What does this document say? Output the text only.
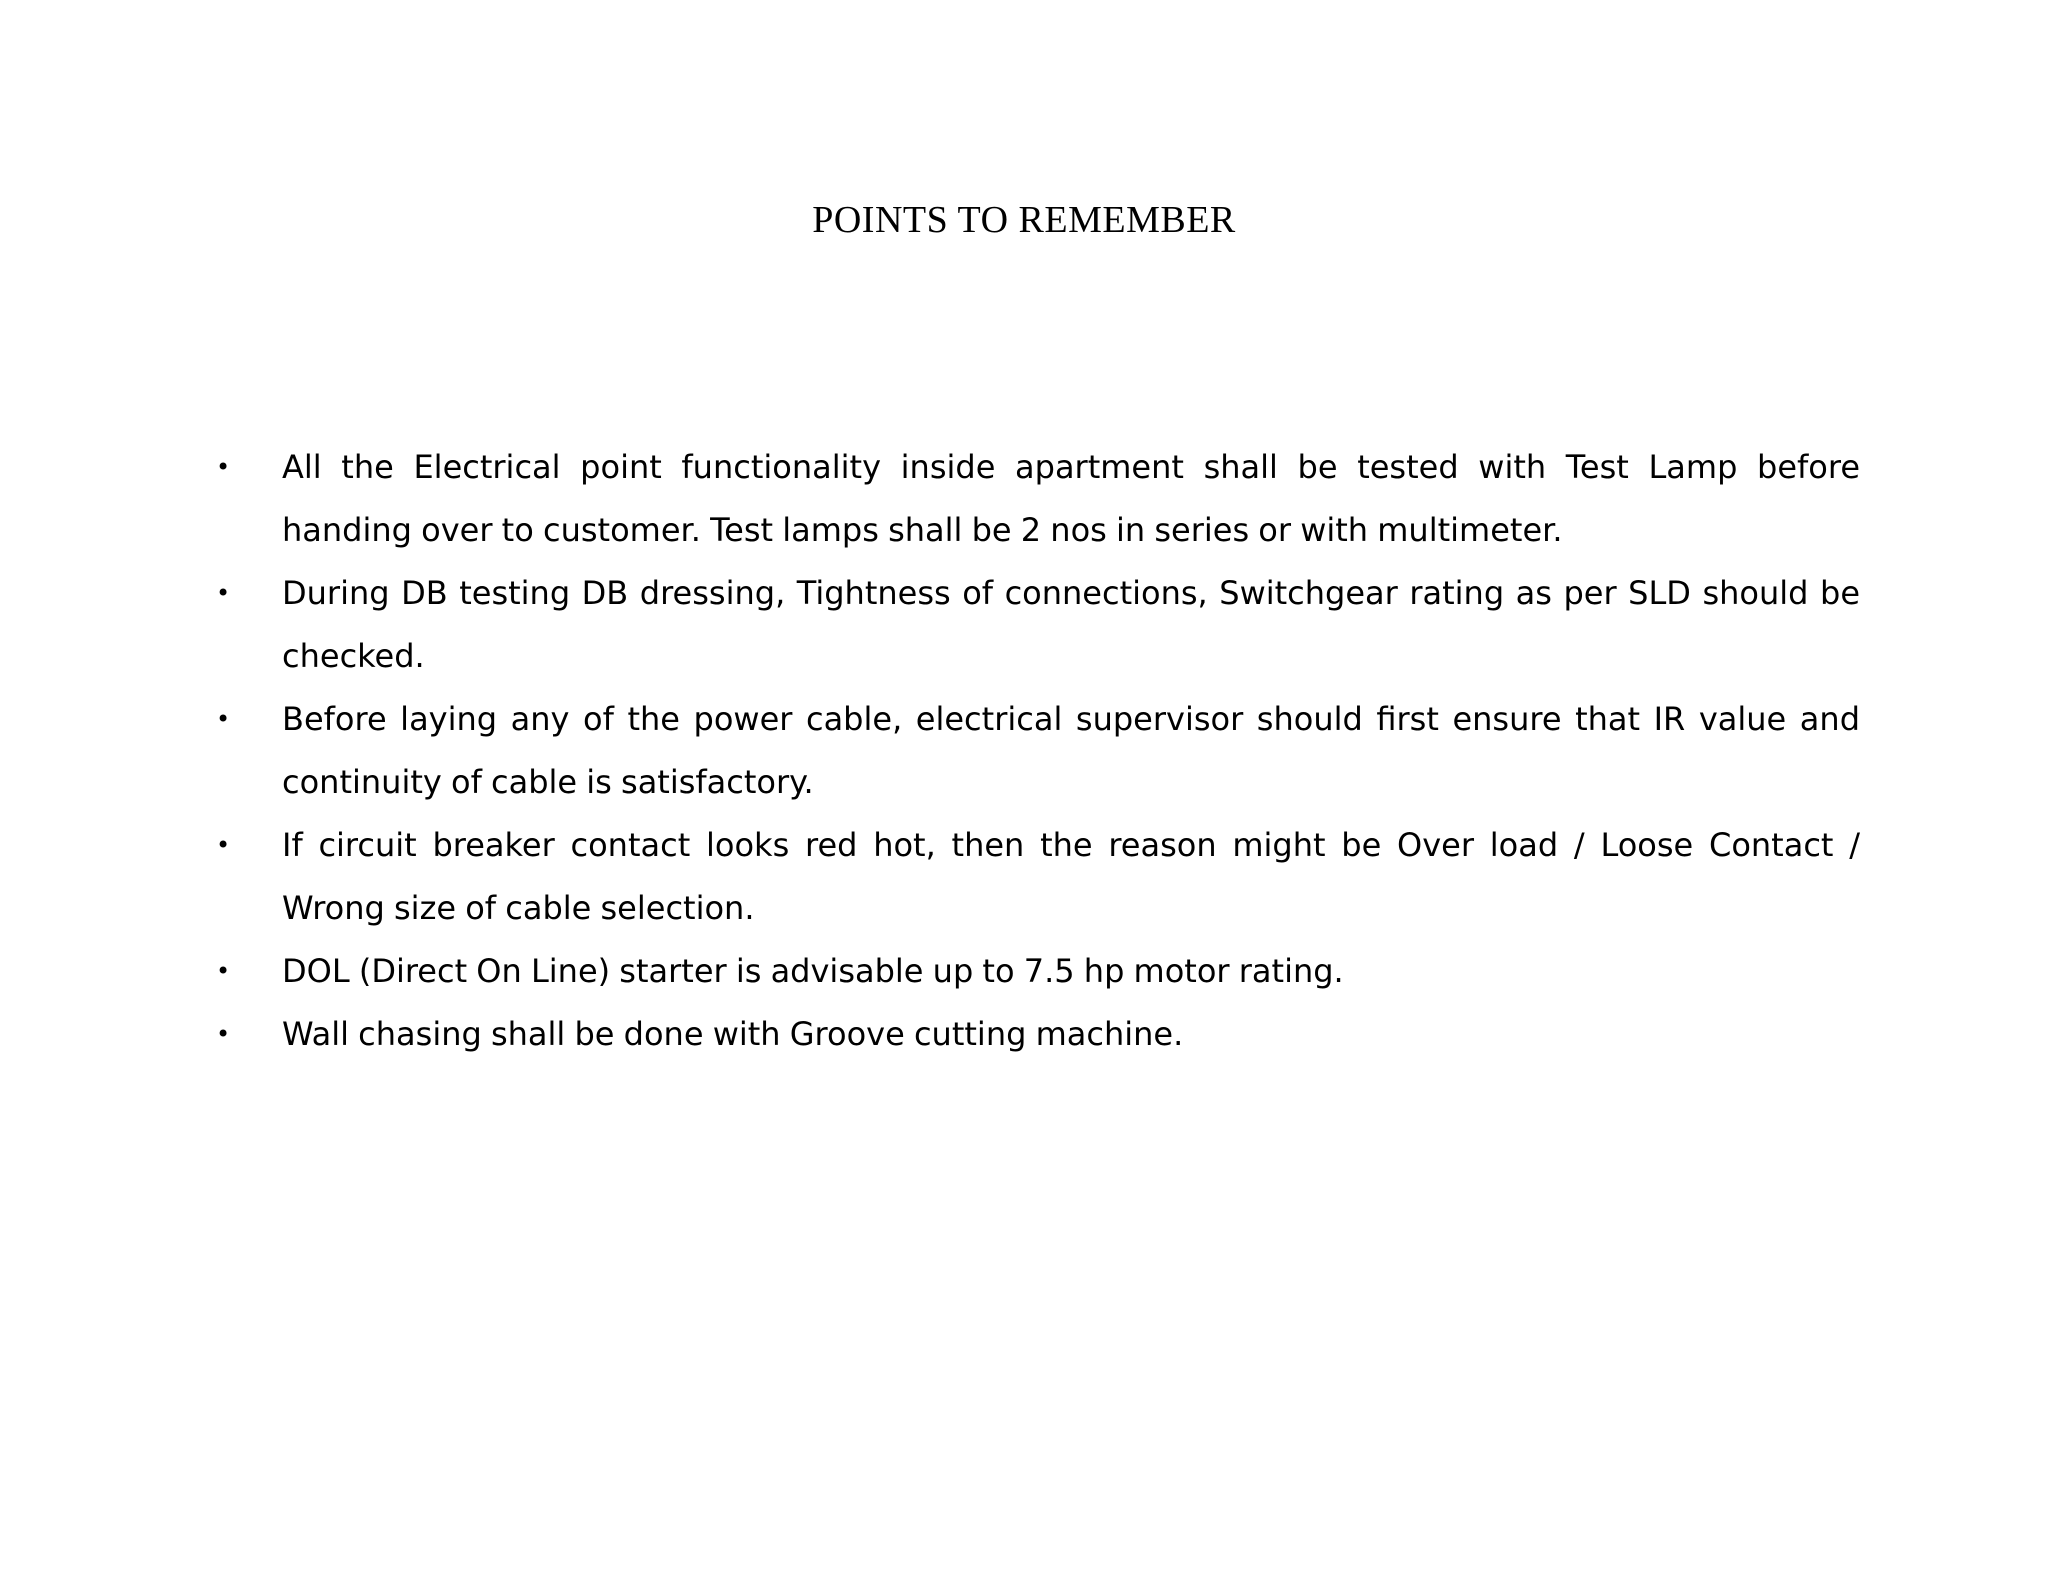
POINTS TO REMEMBER
• All the Electrical point functionality inside apartment shall be tested with Test Lamp before handing over to customer. Test lamps shall be 2 nos in series or with multimeter.
• During DB testing DB dressing, Tightness of connections, Switchgear rating as per SLD should be checked.
• Before laying any of the power cable, electrical supervisor should first ensure that IR value and continuity of cable is satisfactory.
• If circuit breaker contact looks red hot, then the reason might be Over load / Loose Contact / Wrong size of cable selection.
• DOL (Direct On Line) starter is advisable up to 7.5 hp motor rating.
• Wall chasing shall be done with Groove cutting machine.
